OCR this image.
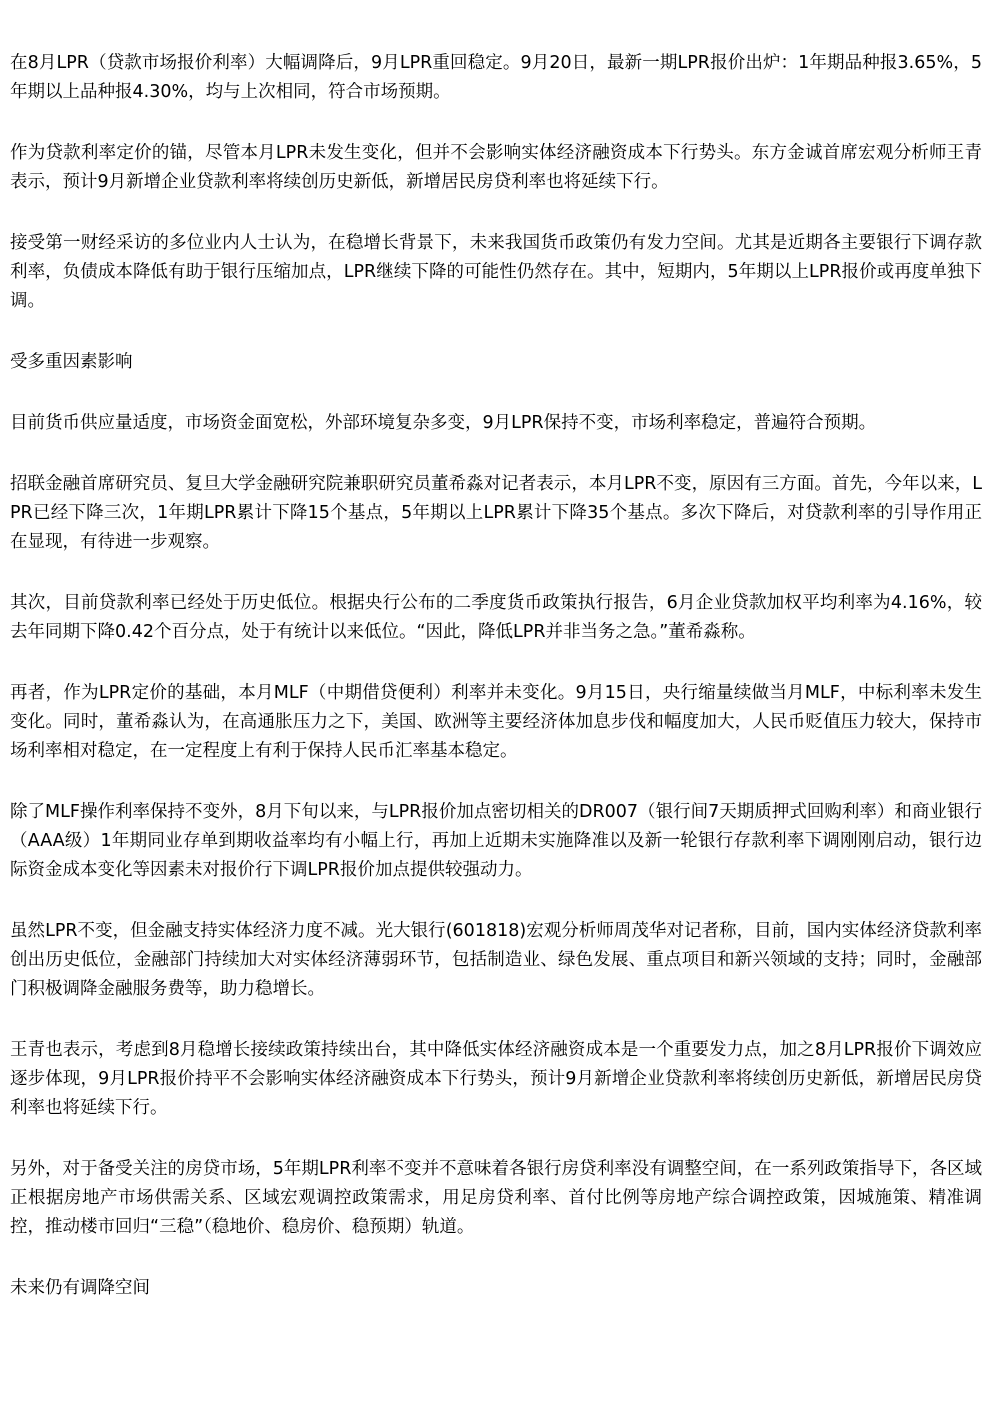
在8月LPR（贷款市场报价利率）大幅调降后，9月LPR重回稳定。9月20日，最新一期LPR报价出炉：1年期品种报3.65%，5年期以上品种报4.30%，均与上次相同，符合市场预期。

作为贷款利率定价的锚，尽管本月LPR未发生变化，但并不会影响实体经济融资成本下行势头。东方金诚首席宏观分析师王青表示，预计9月新增企业贷款利率将续创历史新低，新增居民房贷利率也将延续下行。

接受第一财经采访的多位业内人士认为，在稳增长背景下，未来我国货币政策仍有发力空间。尤其是近期各主要银行下调存款利率，负债成本降低有助于银行压缩加点，LPR继续下降的可能性仍然存在。其中，短期内，5年期以上LPR报价或再度单独下调。

受多重因素影响

目前货币供应量适度，市场资金面宽松，外部环境复杂多变，9月LPR保持不变，市场利率稳定，普遍符合预期。

招联金融首席研究员、复旦大学金融研究院兼职研究员董希淼对记者表示，本月LPR不变，原因有三方面。首先，今年以来，LPR已经下降三次，1年期LPR累计下降15个基点，5年期以上LPR累计下降35个基点。多次下降后，对贷款利率的引导作用正在显现，有待进一步观察。

其次，目前贷款利率已经处于历史低位。根据央行公布的二季度货币政策执行报告，6月企业贷款加权平均利率为4.16%，较去年同期下降0.42个百分点，处于有统计以来低位。“因此，降低LPR并非当务之急。”董希淼称。

再者，作为LPR定价的基础，本月MLF（中期借贷便利）利率并未变化。9月15日，央行缩量续做当月MLF，中标利率未发生变化。同时，董希淼认为，在高通胀压力之下，美国、欧洲等主要经济体加息步伐和幅度加大，人民币贬值压力较大，保持市场利率相对稳定，在一定程度上有利于保持人民币汇率基本稳定。

除了MLF操作利率保持不变外，8月下旬以来，与LPR报价加点密切相关的DR007（银行间7天期质押式回购利率）和商业银行（AAA级）1年期同业存单到期收益率均有小幅上行，再加上近期未实施降准以及新一轮银行存款利率下调刚刚启动，银行边际资金成本变化等因素未对报价行下调LPR报价加点提供较强动力。

虽然LPR不变，但金融支持实体经济力度不减。光大银行(601818)宏观分析师周茂华对记者称，目前，国内实体经济贷款利率创出历史低位，金融部门持续加大对实体经济薄弱环节，包括制造业、绿色发展、重点项目和新兴领域的支持；同时，金融部门积极调降金融服务费等，助力稳增长。

王青也表示，考虑到8月稳增长接续政策持续出台，其中降低实体经济融资成本是一个重要发力点，加之8月LPR报价下调效应逐步体现，9月LPR报价持平不会影响实体经济融资成本下行势头，预计9月新增企业贷款利率将续创历史新低，新增居民房贷利率也将延续下行。

另外，对于备受关注的房贷市场，5年期LPR利率不变并不意味着各银行房贷利率没有调整空间，在一系列政策指导下，各区域正根据房地产市场供需关系、区域宏观调控政策需求，用足房贷利率、首付比例等房地产综合调控政策，因城施策、精准调控，推动楼市回归“三稳”（稳地价、稳房价、稳预期）轨道。

未来仍有调降空间
